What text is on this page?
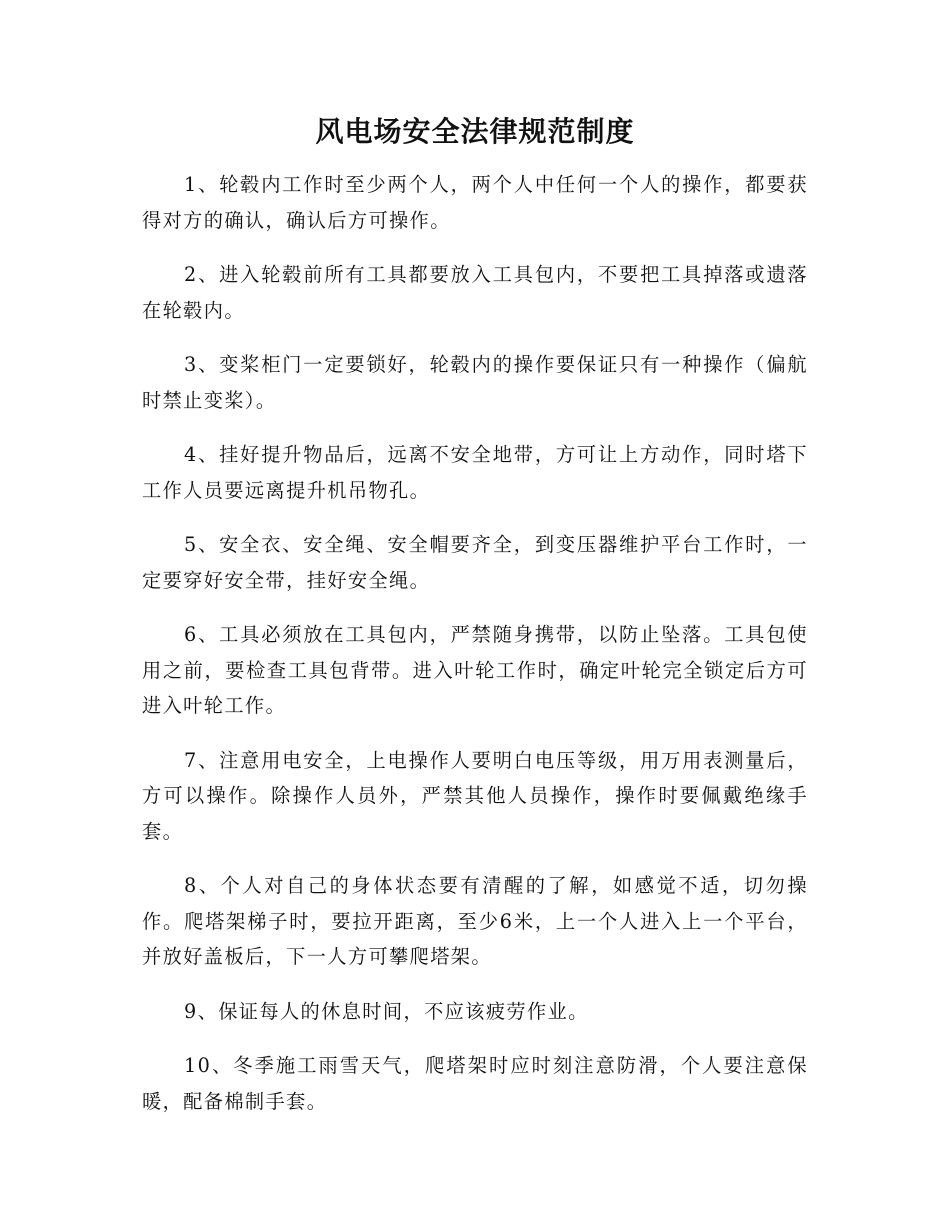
风电场安全法律规范制度

1、轮毂内工作时至少两个人，两个人中任何一个人的操作，都要获得对方的确认，确认后方可操作。

2、进入轮毂前所有工具都要放入工具包内，不要把工具掉落或遗落在轮毂内。

3、变桨柜门一定要锁好，轮毂内的操作要保证只有一种操作（偏航时禁止变桨）。

4、挂好提升物品后，远离不安全地带，方可让上方动作，同时塔下工作人员要远离提升机吊物孔。

5、安全衣、安全绳、安全帽要齐全，到变压器维护平台工作时，一定要穿好安全带，挂好安全绳。

6、工具必须放在工具包内，严禁随身携带，以防止坠落。工具包使用之前，要检查工具包背带。进入叶轮工作时，确定叶轮完全锁定后方可进入叶轮工作。

7、注意用电安全，上电操作人要明白电压等级，用万用表测量后，方可以操作。除操作人员外，严禁其他人员操作，操作时要佩戴绝缘手套。

8、个人对自己的身体状态要有清醒的了解，如感觉不适，切勿操作。爬塔架梯子时，要拉开距离，至少6米，上一个人进入上一个平台，并放好盖板后，下一人方可攀爬塔架。

9、保证每人的休息时间，不应该疲劳作业。

10、冬季施工雨雪天气，爬塔架时应时刻注意防滑，个人要注意保暖，配备棉制手套。
